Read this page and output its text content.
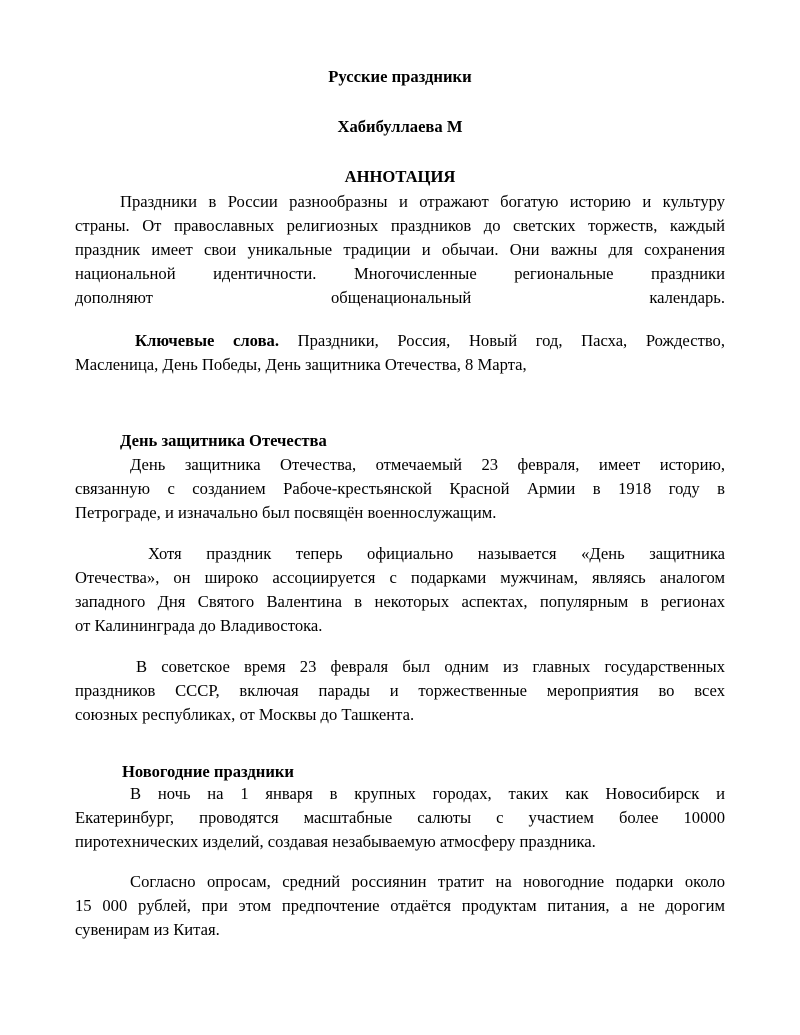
Русские праздники
Хабибуллаева М
АННОТАЦИЯ
Праздники в России разнообразны и отражают богатую историю и культуру
страны. От православных религиозных праздников до светских торжеств, каждый
праздник имеет свои уникальные традиции и обычаи. Они важны для сохранения
национальной идентичности. Многочисленные региональные праздники
дополняют общенациональный календарь.
Ключевые слова. Праздники, Россия, Новый год, Пасха, Рождество,
Масленица, День Победы, День защитника Отечества, 8 Марта,
День защитника Отечества
День защитника Отечества, отмечаемый 23 февраля, имеет историю,
связанную с созданием Рабоче-крестьянской Красной Армии в 1918 году в
Петрограде, и изначально был посвящён военнослужащим.
Хотя праздник теперь официально называется «День защитника
Отечества», он широко ассоциируется с подарками мужчинам, являясь аналогом
западного Дня Святого Валентина в некоторых аспектах, популярным в регионах
от Калининграда до Владивостока.
В советское время 23 февраля был одним из главных государственных
праздников СССР, включая парады и торжественные мероприятия во всех
союзных республиках, от Москвы до Ташкента.
Новогодние праздники
В ночь на 1 января в крупных городах, таких как Новосибирск и
Екатеринбург, проводятся масштабные салюты с участием более 10000
пиротехнических изделий, создавая незабываемую атмосферу праздника.
Согласно опросам, средний россиянин тратит на новогодние подарки около
15 000 рублей, при этом предпочтение отдаётся продуктам питания, а не дорогим
сувенирам из Китая.
